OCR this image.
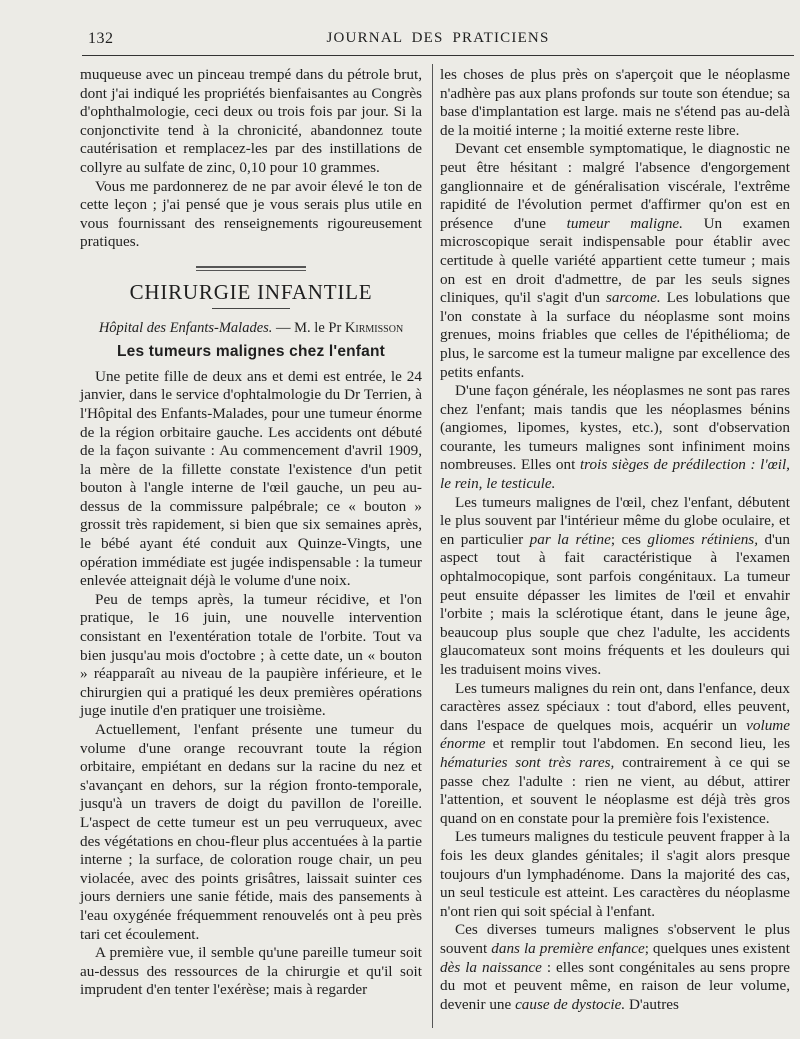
132	JOURNAL DES PRATICIENS

muqueuse avec un pinceau trempé dans du pétrole brut, dont j'ai indiqué les propriétés bienfaisantes au Congrès d'ophthalmologie, ceci deux ou trois fois par jour. Si la conjonctivite tend à la chronicité, abandonnez toute cautérisation et remplacez-les par des instillations de collyre au sulfate de zinc, 0,10 pour 10 grammes.

Vous me pardonnerez de ne par avoir élevé le ton de cette leçon ; j'ai pensé que je vous serais plus utile en vous fournissant des renseignements rigoureusement pratiques.

CHIRURGIE INFANTILE
Hôpital des Enfants-Malades. — M. le Pr Kirmisson
Les tumeurs malignes chez l'enfant

Une petite fille de deux ans et demi est entrée, le 24 janvier, dans le service d'ophtalmologie du Dr Terrien, à l'Hôpital des Enfants-Malades, pour une tumeur énorme de la région orbitaire gauche. Les accidents ont débuté de la façon suivante : Au commencement d'avril 1909, la mère de la fillette constate l'existence d'un petit bouton à l'angle interne de l'œil gauche, un peu au-dessus de la commissure palpébrale; ce « bouton » grossit très rapidement, si bien que six semaines après, le bébé ayant été conduit aux Quinze-Vingts, une opération immédiate est jugée indispensable : la tumeur enlevée atteignait déjà le volume d'une noix.

Peu de temps après, la tumeur récidive, et l'on pratique, le 16 juin, une nouvelle intervention consistant en l'exentération totale de l'orbite. Tout va bien jusqu'au mois d'octobre ; à cette date, un « bouton » réapparaît au niveau de la paupière inférieure, et le chirurgien qui a pratiqué les deux premières opérations juge inutile d'en pratiquer une troisième.

Actuellement, l'enfant présente une tumeur du volume d'une orange recouvrant toute la région orbitaire, empiétant en dedans sur la racine du nez et s'avançant en dehors, sur la région fronto-temporale, jusqu'à un travers de doigt du pavillon de l'oreille. L'aspect de cette tumeur est un peu verruqueux, avec des végétations en chou-fleur plus accentuées à la partie interne ; la surface, de coloration rouge chair, un peu violacée, avec des points grisâtres, laissait suinter ces jours derniers une sanie fétide, mais des pansements à l'eau oxygénée fréquemment renouvelés ont à peu près tari cet écoulement.

A première vue, il semble qu'une pareille tumeur soit au-dessus des ressources de la chirurgie et qu'il soit imprudent d'en tenter l'exérèse; mais à regarder

les choses de plus près on s'aperçoit que le néoplasme n'adhère pas aux plans profonds sur toute son étendue; sa base d'implantation est large. mais ne s'étend pas au-delà de la moitié interne ; la moitié externe reste libre.

Devant cet ensemble symptomatique, le diagnostic ne peut être hésitant : malgré l'absence d'engorgement ganglionnaire et de généralisation viscérale, l'extrême rapidité de l'évolution permet d'affirmer qu'on est en présence d'une tumeur maligne. Un examen microscopique serait indispensable pour établir avec certitude à quelle variété appartient cette tumeur ; mais on est en droit d'admettre, de par les seuls signes cliniques, qu'il s'agit d'un sarcome. Les lobulations que l'on constate à la surface du néoplasme sont moins grenues, moins friables que celles de l'épithélioma; de plus, le sarcome est la tumeur maligne par excellence des petits enfants.

D'une façon générale, les néoplasmes ne sont pas rares chez l'enfant; mais tandis que les néoplasmes bénins (angiomes, lipomes, kystes, etc.), sont d'observation courante, les tumeurs malignes sont infiniment moins nombreuses. Elles ont trois sièges de prédilection : l'œil, le rein, le testicule.

Les tumeurs malignes de l'œil, chez l'enfant, débutent le plus souvent par l'intérieur même du globe oculaire, et en particulier par la rétine; ces gliomes rétiniens, d'un aspect tout à fait caractéristique à l'examen ophtalmocopique, sont parfois congénitaux. La tumeur peut ensuite dépasser les limites de l'œil et envahir l'orbite ; mais la sclérotique étant, dans le jeune âge, beaucoup plus souple que chez l'adulte, les accidents glaucomateux sont moins fréquents et les douleurs qui les traduisent moins vives.

Les tumeurs malignes du rein ont, dans l'enfance, deux caractères assez spéciaux : tout d'abord, elles peuvent, dans l'espace de quelques mois, acquérir un volume énorme et remplir tout l'abdomen. En second lieu, les hématuries sont très rares, contrairement à ce qui se passe chez l'adulte : rien ne vient, au début, attirer l'attention, et souvent le néoplasme est déjà très gros quand on en constate pour la première fois l'existence.

Les tumeurs malignes du testicule peuvent frapper à la fois les deux glandes génitales; il s'agit alors presque toujours d'un lymphadénome. Dans la majorité des cas, un seul testicule est atteint. Les caractères du néoplasme n'ont rien qui soit spécial à l'enfant.

Ces diverses tumeurs malignes s'observent le plus souvent dans la première enfance; quelques unes existent dès la naissance : elles sont congénitales au sens propre du mot et peuvent même, en raison de leur volume, devenir une cause de dystocie. D'autres
